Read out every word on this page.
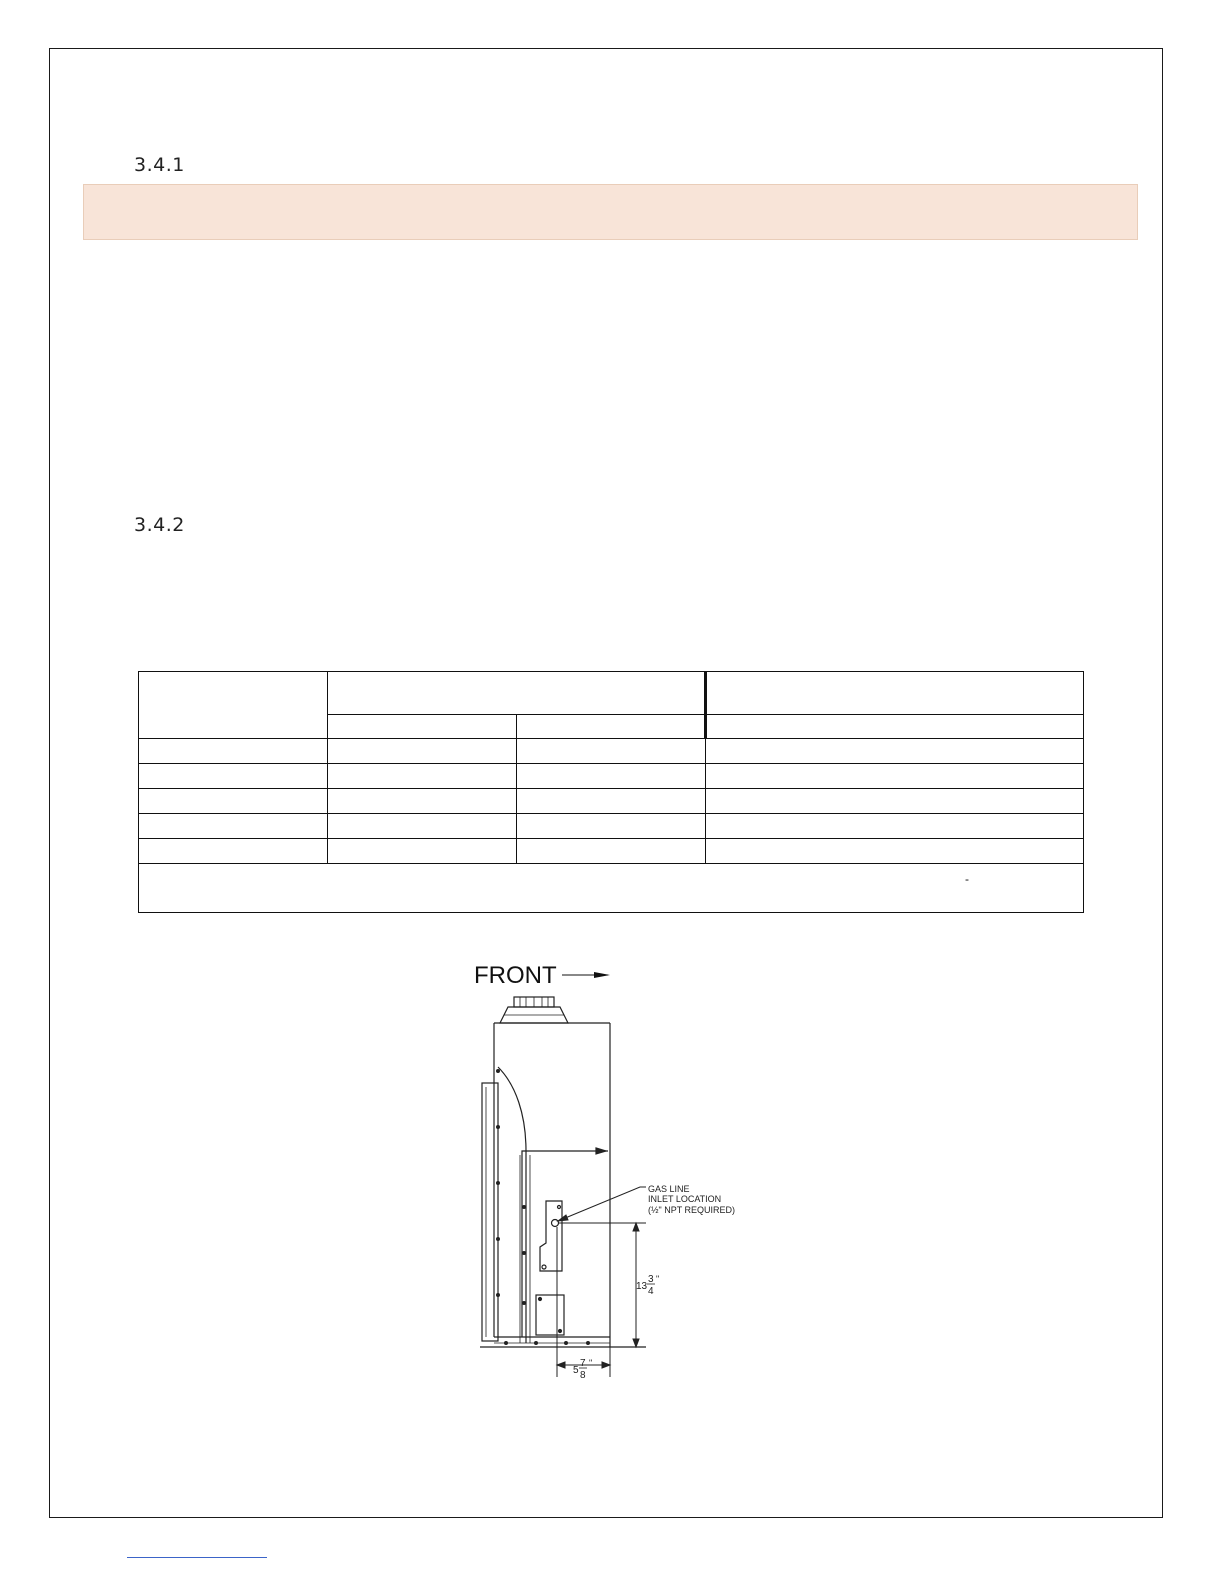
3.4.1
3.4.2

-			
FRONT
GAS LINE
INLET LOCATION
(½" NPT REQUIRED)
13
3
4
"
5
7
8
"
